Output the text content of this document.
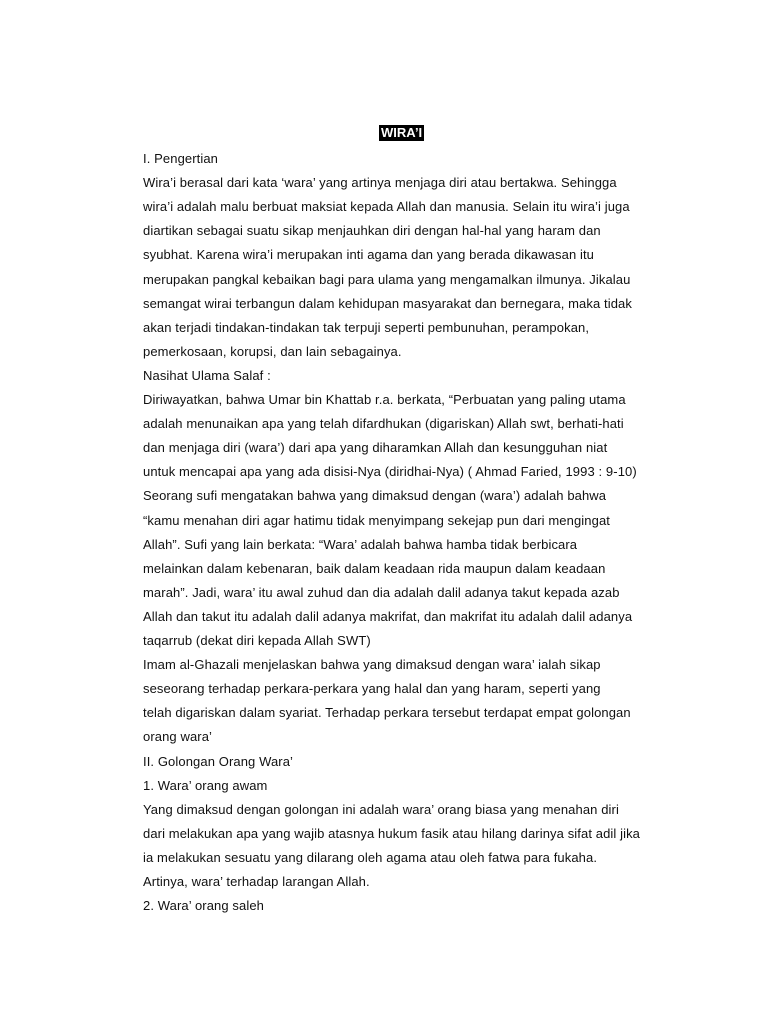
WIRA’I
I. Pengertian
Wira’i berasal dari kata ‘wara’ yang artinya menjaga diri atau bertakwa. Sehingga
wira’i adalah malu berbuat maksiat kepada Allah dan manusia. Selain itu wira’i juga
diartikan sebagai suatu sikap menjauhkan diri dengan hal-hal yang haram dan
syubhat. Karena wira’i merupakan inti agama dan yang berada dikawasan itu
merupakan pangkal kebaikan bagi para ulama yang mengamalkan ilmunya. Jikalau
semangat wirai terbangun dalam kehidupan masyarakat dan bernegara, maka tidak
akan terjadi tindakan-tindakan tak terpuji seperti pembunuhan, perampokan,
pemerkosaan, korupsi, dan lain sebagainya.
Nasihat Ulama Salaf :
Diriwayatkan, bahwa Umar bin Khattab r.a. berkata, “Perbuatan yang paling utama
adalah menunaikan apa yang telah difardhukan (digariskan) Allah swt, berhati-hati
dan menjaga diri (wara’) dari apa yang diharamkan Allah dan kesungguhan niat
untuk mencapai apa yang ada disisi-Nya (diridhai-Nya) ( Ahmad Faried, 1993 : 9-10)
Seorang sufi mengatakan bahwa yang dimaksud dengan (wara’) adalah bahwa
“kamu menahan diri agar hatimu tidak menyimpang sekejap pun dari mengingat
Allah”. Sufi yang lain berkata: “Wara’ adalah bahwa hamba tidak berbicara
melainkan dalam kebenaran, baik dalam keadaan rida maupun dalam keadaan
marah”. Jadi, wara’ itu awal zuhud dan dia adalah dalil adanya takut kepada azab
Allah dan takut itu adalah dalil adanya makrifat, dan makrifat itu adalah dalil adanya
taqarrub (dekat diri kepada Allah SWT)
Imam al-Ghazali menjelaskan bahwa yang dimaksud dengan wara’ ialah sikap
seseorang terhadap perkara-perkara yang halal dan yang haram, seperti yang
telah digariskan dalam syariat. Terhadap perkara tersebut terdapat empat golongan
orang wara’
II. Golongan Orang Wara’
1. Wara’ orang awam
Yang dimaksud dengan golongan ini adalah wara’ orang biasa yang menahan diri
dari melakukan apa yang wajib atasnya hukum fasik atau hilang darinya sifat adil jika
ia melakukan sesuatu yang dilarang oleh agama atau oleh fatwa para fukaha.
Artinya, wara’ terhadap larangan Allah.
2. Wara’ orang saleh
